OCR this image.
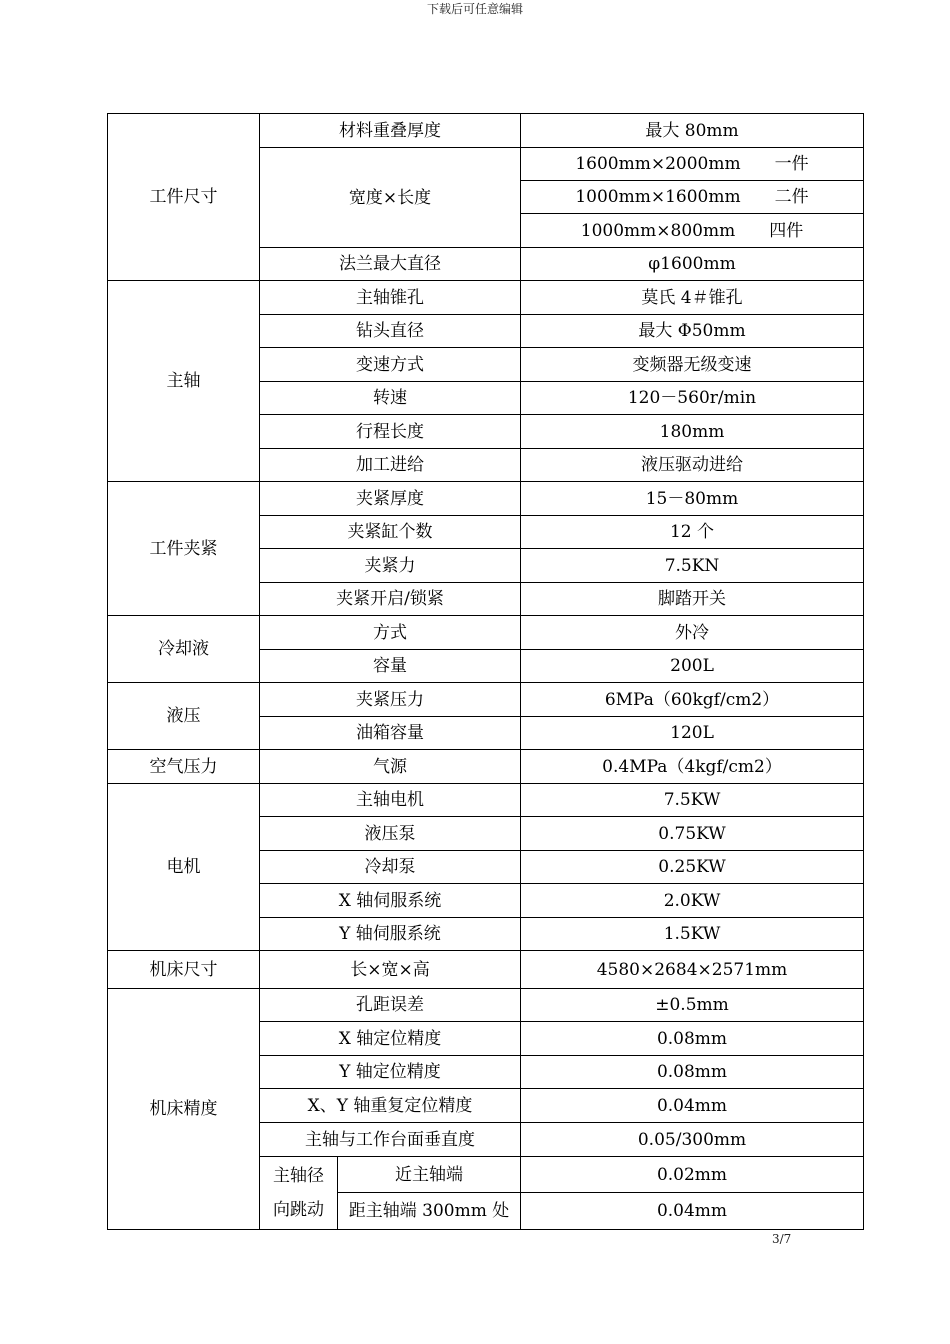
下载后可任意编辑
工件尺寸	材料重叠厚度		最大 80mm
	宽度×长度		1600mm×2000mm 一件

			1000mm×1600mm 二件

			1000mm×800mm 四件

	法兰最大直径		φ1600mm
主轴	主轴锥孔		莫氏 4＃锥孔
	钻头直径		最大 Φ50mm
	变速方式		变频器无级变速
	转速		120－560r/min
	行程长度		180mm
	加工进给		液压驱动进给
工件夹紧	夹紧厚度		15－80mm
	夹紧缸个数		12 个
	夹紧力		7.5KN
	夹紧开启/锁紧		脚踏开关
冷却液	方式		外冷
	容量		200L
液压	夹紧压力		6MPa（60kgf/cm2）
	油箱容量		120L
空气压力	气源		0.4MPa（4kgf/cm2）
电机	主轴电机		7.5KW
	液压泵		0.75KW
	冷却泵		0.25KW
	X 轴伺服系统		2.0KW
	Y 轴伺服系统		1.5KW
机床尺寸	长×宽×高		4580×2684×2571mm
机床精度	孔距误差		±0.5mm
	X 轴定位精度		0.08mm
	Y 轴定位精度		0.08mm
	X、Y 轴重复定位精度		0.04mm
	主轴与工作台面垂直度		0.05/300mm

	主轴径
向跳动	近主轴端	0.02mm
		距主轴端 300mm 处	0.04mm
3/7
